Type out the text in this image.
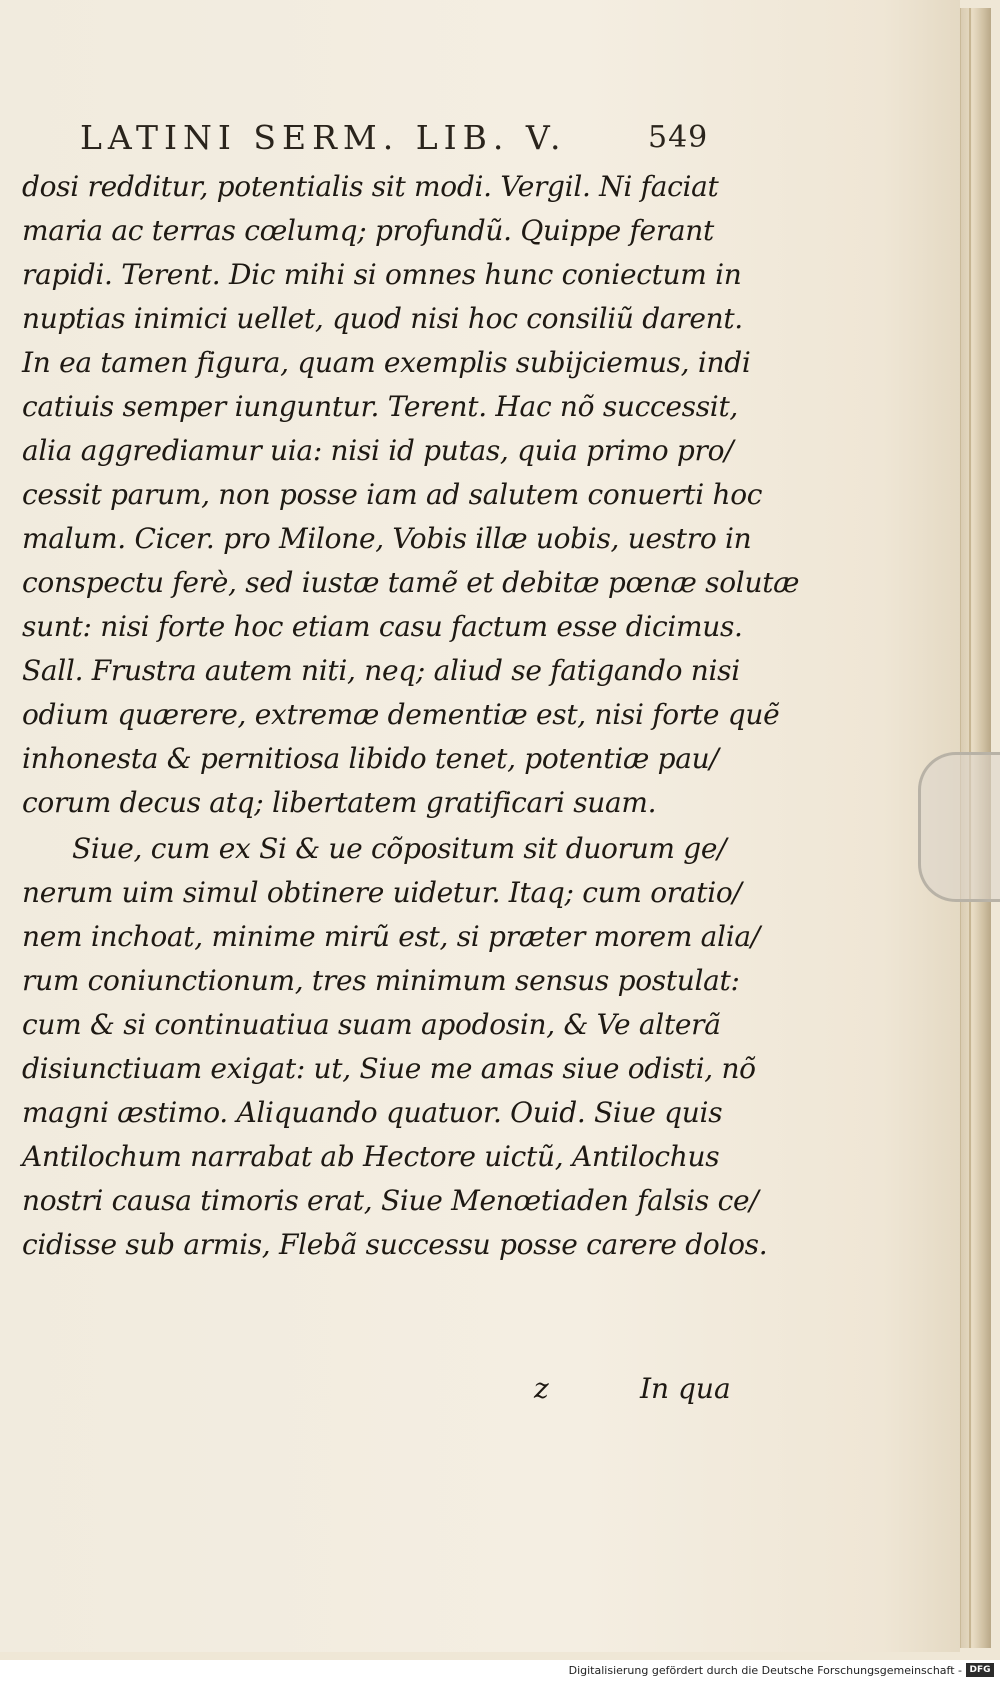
LATINI SERM. LIB. V.	549
dosi redditur, potentialis sit modi. Vergil. Ni faciat
maria ac terras cœlumq; profundũ. Quippe ferant
rapidi. Terent. Dic mihi si omnes hunc coniectum in
nuptias inimici uellet, quod nisi hoc consiliũ darent.
In ea tamen figura, quam exemplis subijciemus, indi
catiuis semper iunguntur. Terent. Hac nõ successit,
alia aggrediamur uia: nisi id putas, quia primo pro/
cessit parum, non posse iam ad salutem conuerti hoc
malum. Cicer. pro Milone, Vobis illæ uobis, uestro in
conspectu ferè, sed iustæ tamẽ et debitæ pœnæ solutæ
sunt: nisi forte hoc etiam casu factum esse dicimus.
Sall. Frustra autem niti, neq; aliud se fatigando nisi
odium quærere, extremæ dementiæ est, nisi forte quẽ
inhonesta & pernitiosa libido tenet, potentiæ pau/
corum decus atq; libertatem gratificari suam.
Siue, cum ex Si & ue cõpositum sit duorum ge/
nerum uim simul obtinere uidetur. Itaq; cum oratio/
nem inchoat, minime mirũ est, si præter morem alia/
rum coniunctionum, tres minimum sensus postulat:
cum & si continuatiua suam apodosin, & Ve alterã
disiunctiuam exigat: ut, Siue me amas siue odisti, nõ
magni æstimo. Aliquando quatuor. Ouid. Siue quis
Antilochum narrabat ab Hectore uictũ, Antilochus
nostri causa timoris erat, Siue Menœtiaden falsis ce/
cidisse sub armis, Flebã successu posse carere dolos.
z	In qua
Digitalisierung gefördert durch die Deutsche Forschungsgemeinschaft - DFG
